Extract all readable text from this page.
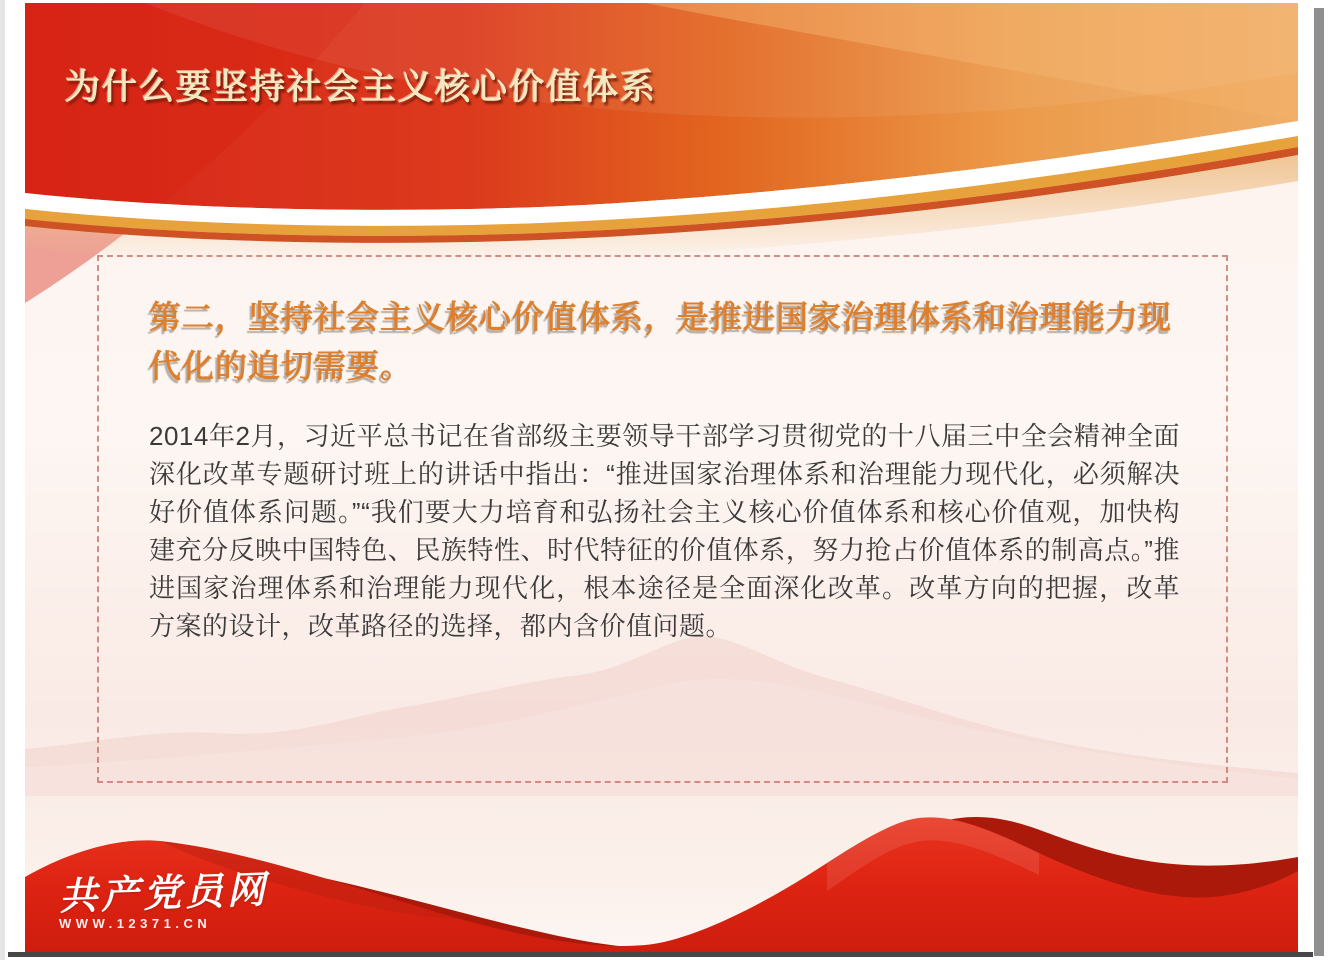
为什么要坚持社会主义核心价值体系
第二，坚持社会主义核心价值体系，是推进国家治理体系和治理能力现代化的迫切需要。
2014年2月，习近平总书记在省部级主要领导干部学习贯彻党的十八届三中全会精神全面深化改革专题研讨班上的讲话中指出：“推进国家治理体系和治理能力现代化，必须解决好价值体系问题。”“我们要大力培育和弘扬社会主义核心价值体系和核心价值观，加快构建充分反映中国特色、民族特性、时代特征的价值体系，努力抢占价值体系的制高点。”推进国家治理体系和治理能力现代化，根本途径是全面深化改革。改革方向的把握，改革方案的设计，改革路径的选择，都内含价值问题。
共产党员网
WWW.12371.CN
